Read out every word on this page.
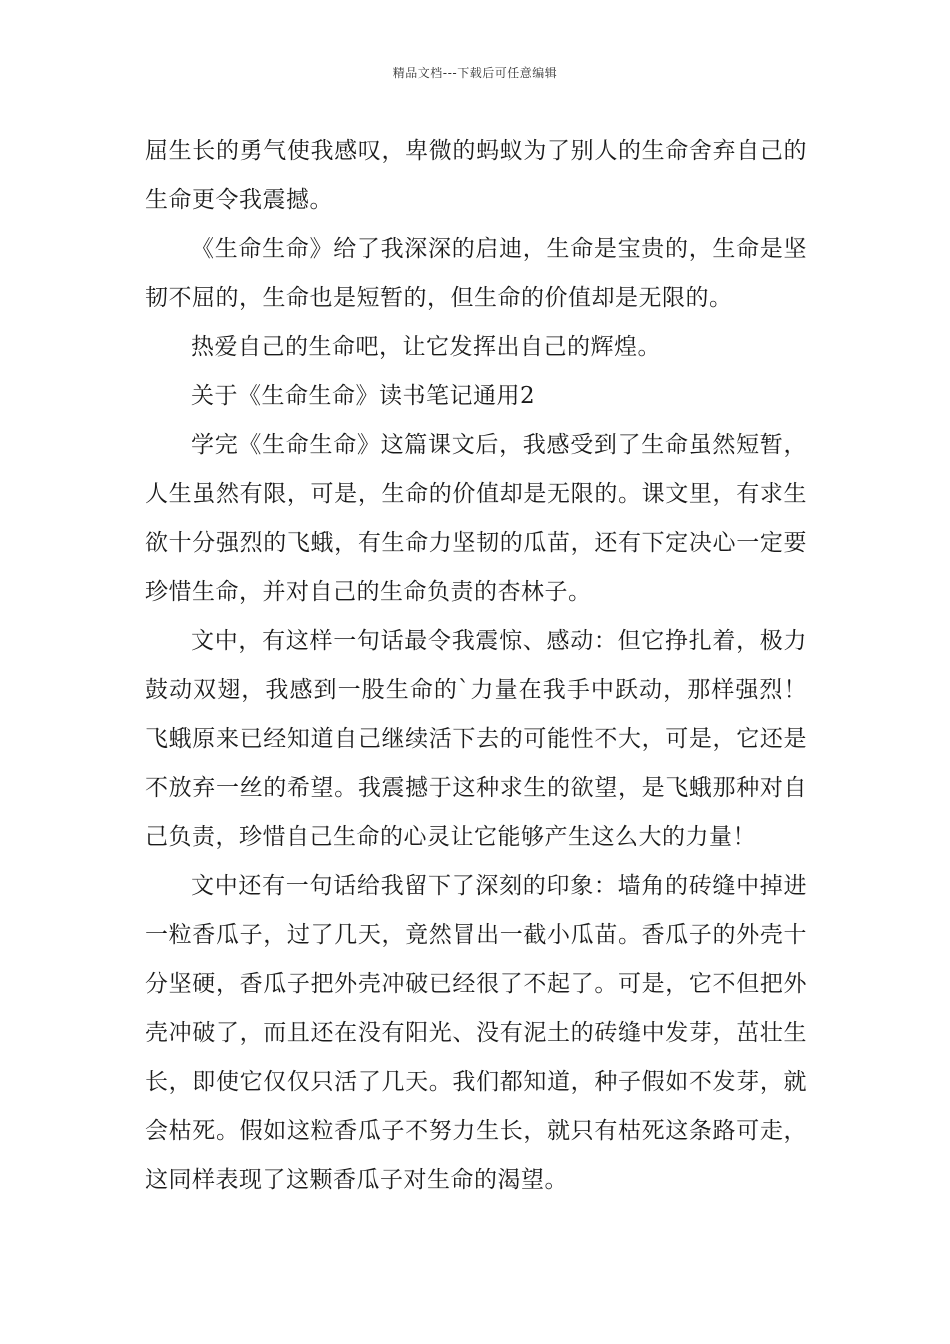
精品文档---下载后可任意编辑

屈生长的勇气使我感叹，卑微的蚂蚁为了别人的生命舍弃自己的生命更令我震撼。

《生命生命》给了我深深的启迪，生命是宝贵的，生命是坚韧不屈的，生命也是短暂的，但生命的价值却是无限的。

热爱自己的生命吧，让它发挥出自己的辉煌。

关于《生命生命》读书笔记通用2

学完《生命生命》这篇课文后，我感受到了生命虽然短暂，人生虽然有限，可是，生命的价值却是无限的。课文里，有求生欲十分强烈的飞蛾，有生命力坚韧的瓜苗，还有下定决心一定要珍惜生命，并对自己的生命负责的杏林子。

文中，有这样一句话最令我震惊、感动：但它挣扎着，极力鼓动双翅，我感到一股生命的`力量在我手中跃动，那样强烈！飞蛾原来已经知道自己继续活下去的可能性不大，可是，它还是不放弃一丝的希望。我震撼于这种求生的欲望，是飞蛾那种对自己负责，珍惜自己生命的心灵让它能够产生这么大的力量！

文中还有一句话给我留下了深刻的印象：墙角的砖缝中掉进一粒香瓜子，过了几天，竟然冒出一截小瓜苗。香瓜子的外壳十分坚硬，香瓜子把外壳冲破已经很了不起了。可是，它不但把外壳冲破了，而且还在没有阳光、没有泥土的砖缝中发芽，茁壮生长，即使它仅仅只活了几天。我们都知道，种子假如不发芽，就会枯死。假如这粒香瓜子不努力生长，就只有枯死这条路可走，这同样表现了这颗香瓜子对生命的渴望。
